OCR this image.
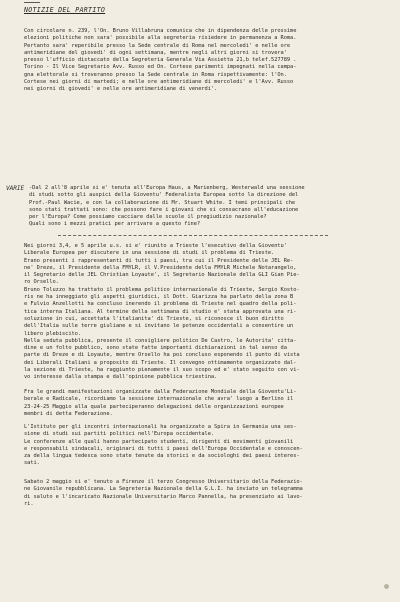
NOTIZIE DEL PARTITO
Con circolare n. 239, l'On. Bruno Villabruna comunica che in dipendenza delle prossime
elezioni politiche non sara' possibile alla segreteria risiedere in permanenza a Roma.
Pertanto sara' reperibile presso la Sede centrale di Roma nel mercoledi' e nelle ore
antimeridiane del giovedi' di ogni settimana, mentre negli altri giorni si trovera'
presso l'ufficio distaccato della Segreteria Generale Via Assietta 21,b telef.527789 .
Torino - Il Vice Segretario Avv. Russo ed On. Cortese parimenti impegnati nella campa-
gna elettorale si troveranno presso la Sede centrale in Roma rispettivamente: l'On.
Cortese nei giorni di martedi; e nelle ore antimeridiane di mercoledi' e l'Avv. Russo
nei giorni di giovedi' e nelle ore antimeridiane di venerdi'.
VARIE -Dal 2 all'8 aprile si e' tenuta all'Europa Haus, a Marienberg, Westerwald una sessione
di studi sotto gli auspici della Gioventu' Federalista Europea sotto la direzione del
Prof.-Paul Wacie, e con la collaborazione di Mr. Stuart White. I temi principali che
sono stati trattati sono: che possono fare i giovani che si consacrano all'educazione
per l'Europa? Come possiamo cacciare dalle scuole il pregiudizio nazionale?
Quali sono i mezzi pratici per arrivare a questo fine?
Nei giorni 3,4, e 5 aprile u.s. si e' riunito a Trieste l'esecutivo della Gioventu'
Liberale Europea per discutere in una sessione di studi il problema di Trieste.
Erano presenti i rappresentanti di tutti i paesi, tra cui il Presidente delle JEL Re-
ne' Dreze, il Presidente della FMYLR, il V.Presidente della FMYLR Michele Notarangelo,
il Segretario delle JEL Christian Loyaute', il Segretario Nazionale della GLI Gian Pie-
ro Orsello.
Bruno Toluzzo ha trattato il problema politico internazionale di Trieste, Sergio Kosto-
ris ne ha inneggiato gli aspetti giuridici, il Dott. Giarizza ha parlato della zona B
e Fulvio Anzellotti ha concluso inerendo il problema di Trieste nel quadro della poli-
tica interna Italiana. Al termine della settimana di studio e' stata approvata una ri-
soluzione in cui, accettata l'italianita' di Trieste, si riconosce il buon diritto
dell'Italia sulle terre giuliane e si invitano le potenze occidentali a consentire un
libero plebiscito.
Nella seduta pubblica, presente il consigliere politico De Castro, le Autorita' citta-
dine e un folto pubblico, sono state fatte importanti dichiarazioni in tal senso da
parte di Dreze e di Loyaute, mentre Orsello ha poi concluso esponendo il punto di vista
dei Liberali Italiani a proposito di Trieste. Il convegno ottimamente organizzato dal-
la sezione di Trieste, ha raggiunto pienamente il suo scopo ed e' stato seguito con vi-
vo interesse dalla stampa e dall'opinione pubblica triestina.
Fra le grandi manifestazioni organizzate dalla Federazione Mondiale della Gioventu'Li-
berale e Radicale, ricordiamo la sessione internazionale che avra' luogo a Berlino il
23-24-25 Maggio alla quale parteciperanno delegazioni delle organizzazioni europee
membri di detta Federazione.
L'Istituto per gli incontri internazionali ha organizzato a Spira in Germania una ses-
sione di studi sui partiti politici nell'Europa occidentale.
Le conferenze alle quali hanno partecipato studenti, dirigenti di movimenti giovanili
e responsabili sindacali, originari di tutti i paesi dell'Europa Occidentale e conoscen-
za della lingua tedesca sono state tenute da storici e da sociologhi dei paesi interes-
sati.
Sabato 2 maggio si e' tenuto a Firenze il terzo Congresso Universitario della Federazio-
ne Giovanile repubblicana. La Segreteria Nazionale della G.L.I. ha inviato un telegramma
di saluto e l'incaricato Nazionale Universitario Marco Pannella, ha presenziato ai lavo-
ri.
